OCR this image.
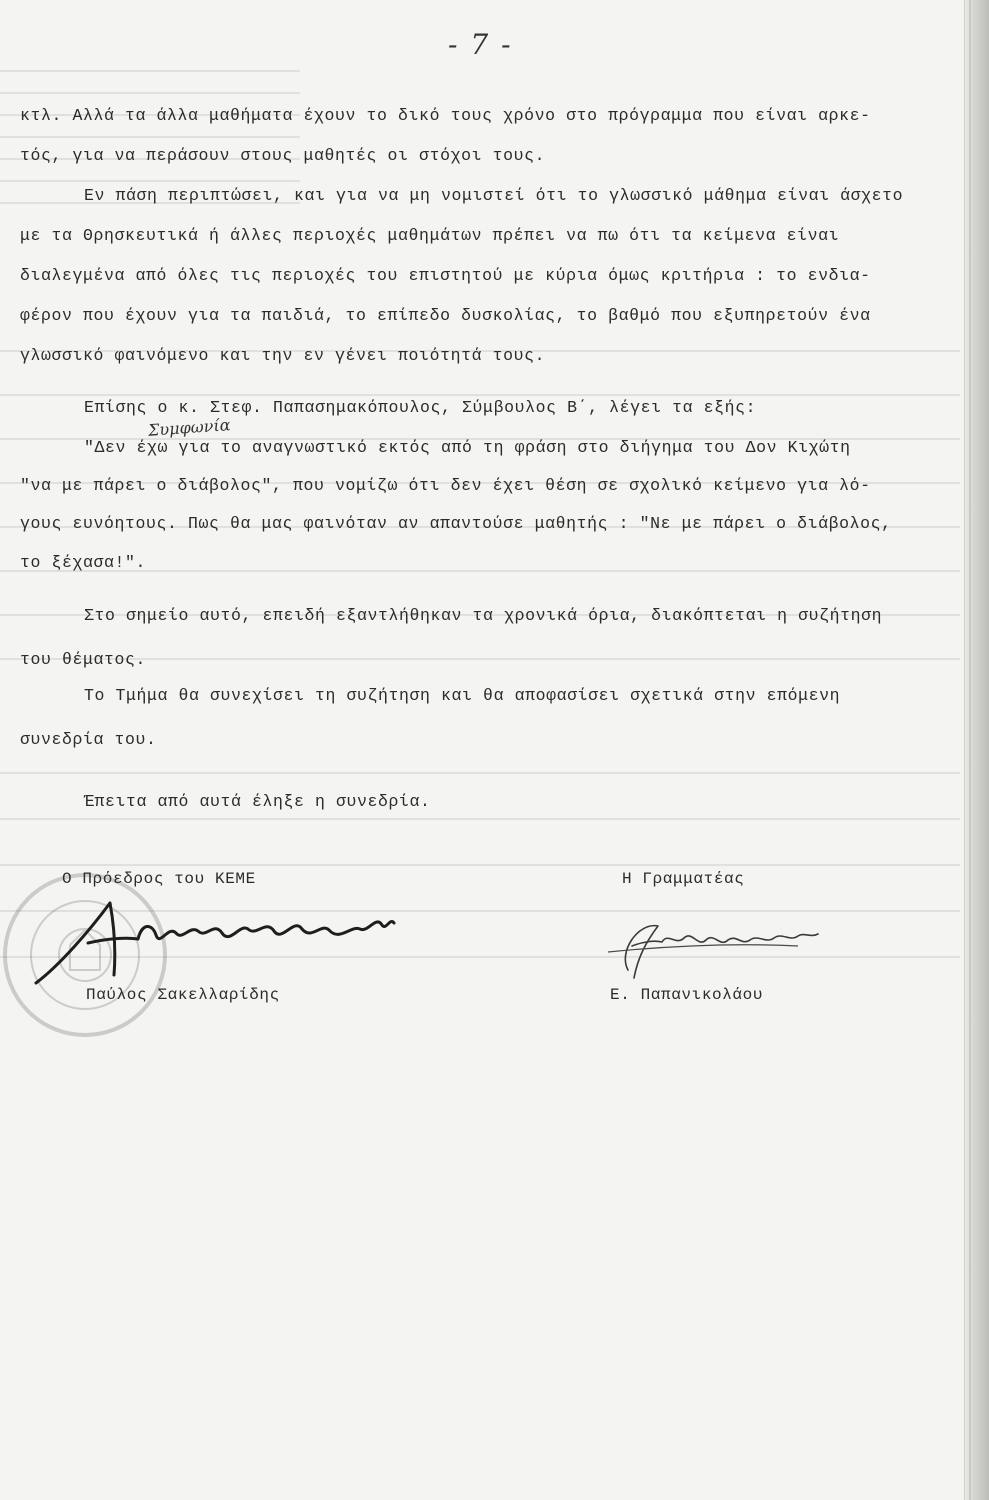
- 7 -
κτλ. Αλλά τα άλλα μαθήματα έχουν το δικό τους χρόνο στο πρόγραμμα που είναι αρκε-
τός, για να περάσουν στους μαθητές οι στόχοι τους.
Εν πάση περιπτώσει, και για να μη νομιστεί ότι το γλωσσικό μάθημα είναι άσχετο
με τα Θρησκευτικά ή άλλες περιοχές μαθημάτων πρέπει να πω ότι τα κείμενα είναι
διαλεγμένα από όλες τις περιοχές του επιστητού με κύρια όμως κριτήρια : το ενδια-
φέρον που έχουν για τα παιδιά, το επίπεδο δυσκολίας, το βαθμό που εξυπηρετούν ένα
γλωσσικό φαινόμενο και την εν γένει ποιότητά τους.
Επίσης ο κ. Στεφ. Παπασημακόπουλος, Σύμβουλος Β΄, λέγει τα εξής:
Συμφωνία
"Δεν έχω για το αναγνωστικό εκτός από τη φράση στο διήγημα του Δον Κιχώτη
"να με πάρει ο διάβολος", που νομίζω ότι δεν έχει θέση σε σχολικό κείμενο για λό-
γους ευνόητους. Πως θα μας φαινόταν αν απαντούσε μαθητής : "Νε με πάρει ο διάβολος,
το ξέχασα!".
Στο σημείο αυτό, επειδή εξαντλήθηκαν τα χρονικά όρια, διακόπτεται η συζήτηση
του θέματος.
Το Τμήμα θα συνεχίσει τη συζήτηση και θα αποφασίσει σχετικά στην επόμενη
συνεδρία του.
Έπειτα από αυτά έληξε η συνεδρία.
Ο Πρόεδρος του ΚΕΜΕ	Η Γραμματέας
Παύλος Σακελλαρίδης	Ε. Παπανικολάου
